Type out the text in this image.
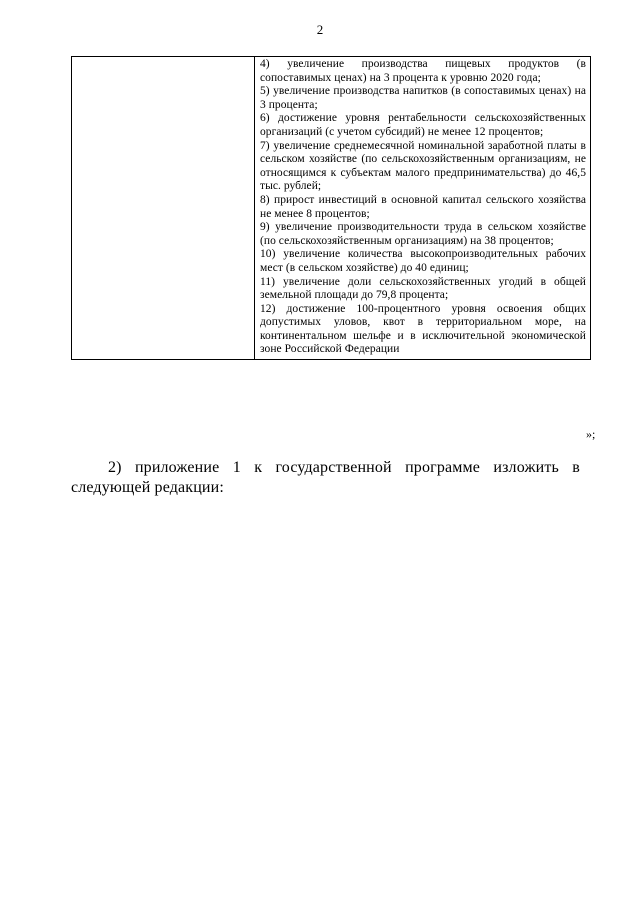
2

4) увеличение производства пищевых продуктов (в сопоставимых ценах) на 3 процента к уровню 2020 года;
5) увеличение производства напитков (в сопоставимых ценах) на 3 процента;
6) достижение уровня рентабельности сельскохозяйственных организаций (с учетом субсидий) не менее 12 процентов;
7) увеличение среднемесячной номинальной заработной платы в сельском хозяйстве (по сельскохозяйственным организациям, не относящимся к субъектам малого предпринимательства) до 46,5 тыс. рублей;
8) прирост инвестиций в основной капитал сельского хозяйства не менее 8 процентов;
9) увеличение производительности труда в сельском хозяйстве (по сельскохозяйственным организациям) на 38 процентов;
10) увеличение количества высокопроизводительных рабочих мест (в сельском хозяйстве) до 40 единиц;
11) увеличение доли сельскохозяйственных угодий в общей земельной площади до 79,8 процента;
12) достижение 100-процентного уровня освоения общих допустимых уловов, квот в территориальном море, на континентальном шельфе и в исключительной экономической зоне Российской Федерации
»;
2) приложение 1 к государственной программе изложить в следующей редакции:
